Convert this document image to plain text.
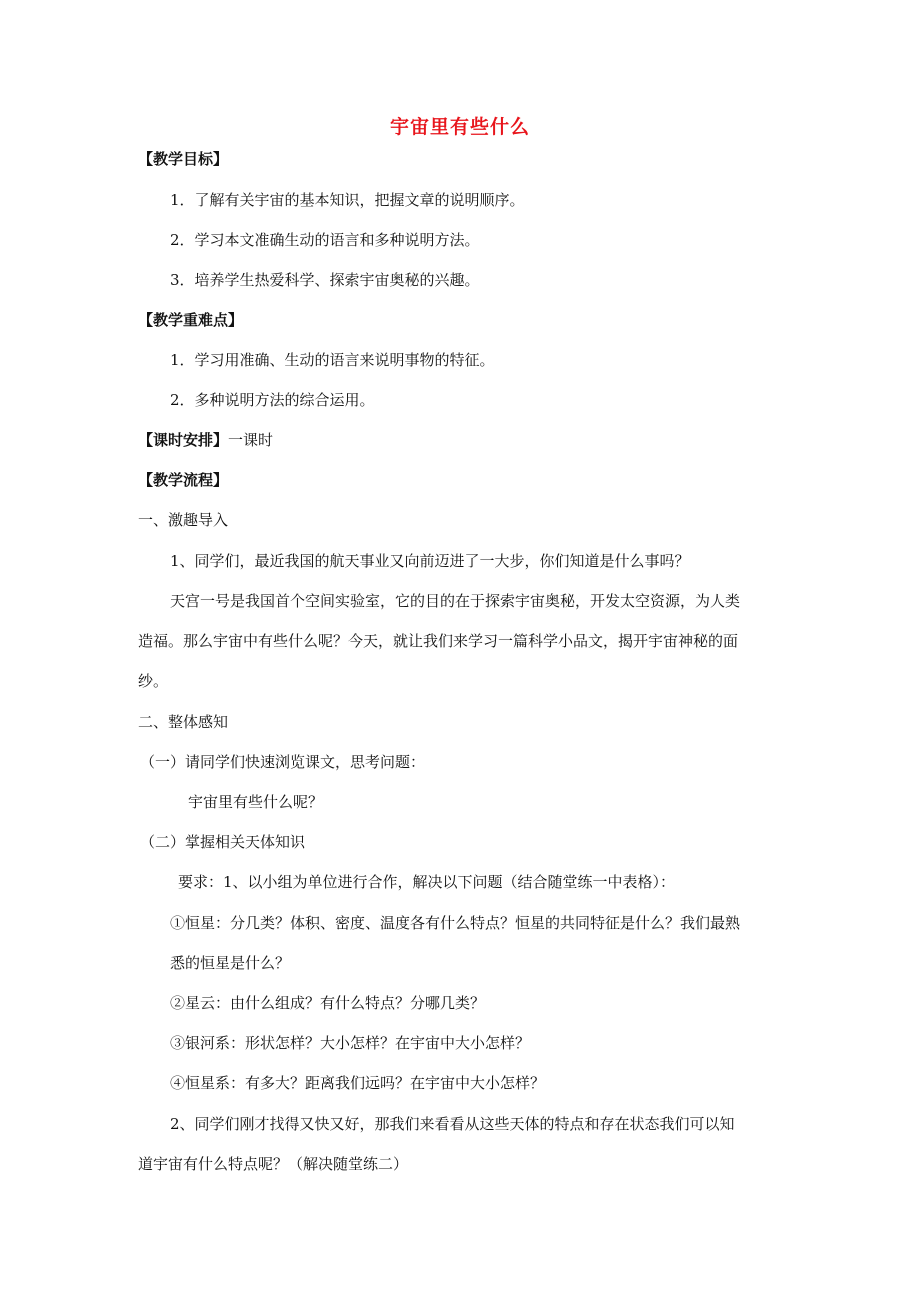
宇宙里有些什么
【教学目标】
1．了解有关宇宙的基本知识，把握文章的说明顺序。
2．学习本文准确生动的语言和多种说明方法。
3．培养学生热爱科学、探索宇宙奥秘的兴趣。
【教学重难点】
1．学习用准确、生动的语言来说明事物的特征。
2．多种说明方法的综合运用。
【课时安排】一课时
【教学流程】
一、激趣导入
1、同学们，最近我国的航天事业又向前迈进了一大步，你们知道是什么事吗？
天宫一号是我国首个空间实验室，它的目的在于探索宇宙奥秘，开发太空资源，为人类
造福。那么宇宙中有些什么呢？今天，就让我们来学习一篇科学小品文，揭开宇宙神秘的面
纱。
二、整体感知
（一）请同学们快速浏览课文，思考问题：
宇宙里有些什么呢？
（二）掌握相关天体知识
要求：1、以小组为单位进行合作，解决以下问题（结合随堂练一中表格）：
①恒星：分几类？体积、密度、温度各有什么特点？恒星的共同特征是什么？我们最熟
悉的恒星是什么？
②星云：由什么组成？有什么特点？分哪几类？
③银河系：形状怎样？大小怎样？在宇宙中大小怎样？
④恒星系：有多大？距离我们远吗？在宇宙中大小怎样？
2、同学们刚才找得又快又好，那我们来看看从这些天体的特点和存在状态我们可以知
道宇宙有什么特点呢？（解决随堂练二）
